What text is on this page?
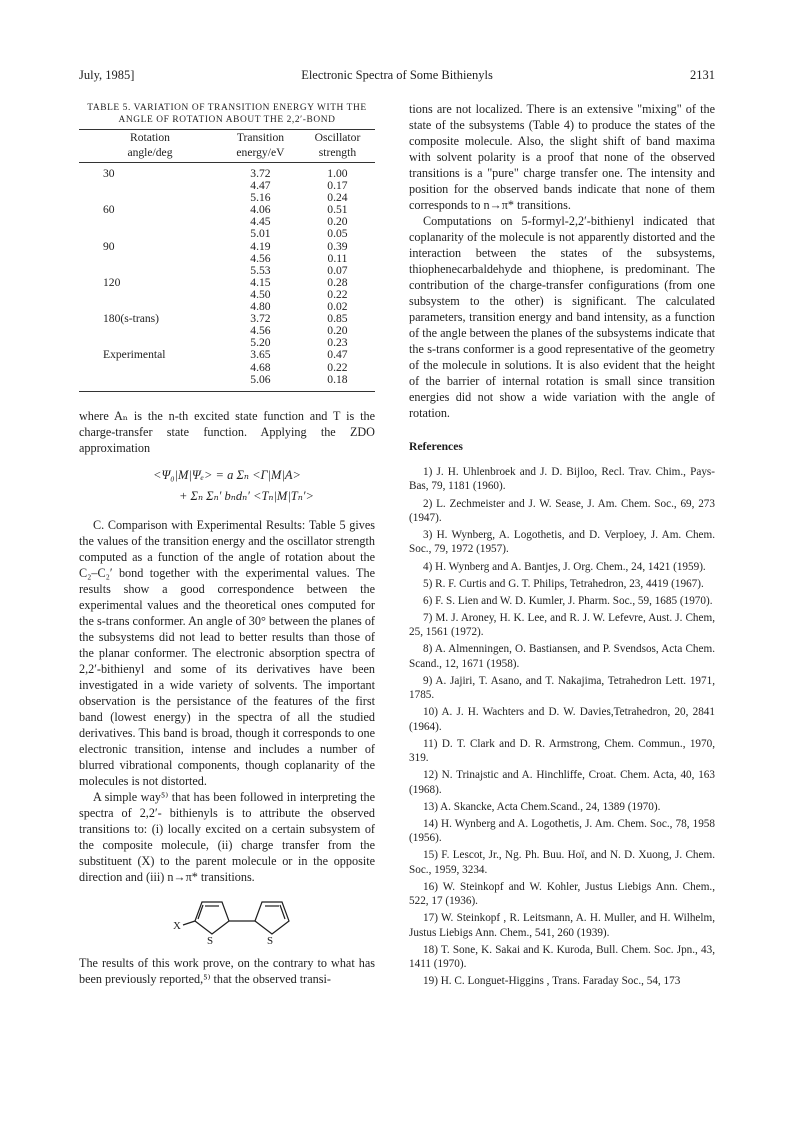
July, 1985]	Electronic Spectra of Some Bithienyls	2131
TABLE 5. VARIATION OF TRANSITION ENERGY WITH THE
ANGLE OF ROTATION ABOUT THE 2,2′-BOND
Rotation	Transition	Oscillator
angle/deg	energy/eV	strength
30	3.72	1.00
	4.47	0.17
	5.16	0.24
60	4.06	0.51
	4.45	0.20
	5.01	0.05
90	4.19	0.39
	4.56	0.11
	5.53	0.07
120	4.15	0.28
	4.50	0.22
	4.80	0.02
180(s-trans)	3.72	0.85
	4.56	0.20
	5.20	0.23
Experimental	3.65	0.47
	4.68	0.22
	5.06	0.18

where Aₙ is the n-th excited state function and T is the charge-transfer state function. Applying the ZDO approximation

<Ψ₀|M|Ψₑ> = a Σₙ <Γ|M|A>
+ Σₙ Σₙ′ bₙdₙ′ <Tₙ|M|Tₙ′>

C. Comparison with Experimental Results: Table 5 gives the values of the transition energy and the oscillator strength computed as a function of the angle of rotation about the C₂–C₂′ bond together with the experimental values. The results show a good correspondence between the experimental values and the theoretical ones computed for the s-trans conformer. An angle of 30° between the planes of the subsystems did not lead to better results than those of the planar conformer. The electronic absorption spectra of 2,2′-bithienyl and some of its derivatives have been investigated in a wide variety of solvents. The important observation is the persistance of the features of the first band (lowest energy) in the spectra of all the studied derivatives. This band is broad, though it corresponds to one electronic transition, intense and includes a number of blurred vibrational components, though coplanarity of the molecules is not distorted.

A simple way⁵⁾ that has been followed in interpreting the spectra of 2,2′- bithienyls is to attribute the observed transitions to: (i) locally excited on a certain subsystem of the composite molecule, (ii) charge transfer from the substituent (X) to the parent molecule or in the opposite direction and (iii) n→π* transitions.

X
S	S

The results of this work prove, on the contrary to what has been previously reported,⁵⁾ that the observed transi-

tions are not localized. There is an extensive "mixing" of the state of the subsystems (Table 4) to produce the states of the composite molecule. Also, the slight shift of band maxima with solvent polarity is a proof that none of the observed transitions is a "pure" charge transfer one. The intensity and position for the observed bands indicate that none of them corresponds to n→π* transitions.

Computations on 5-formyl-2,2′-bithienyl indicated that coplanarity of the molecule is not apparently distorted and the interaction between the states of the subsystems, thiophenecarbaldehyde and thiophene, is predominant. The contribution of the charge-transfer configurations (from one subsystem to the other) is significant. The calculated parameters, transition energy and band intensity, as a function of the angle between the planes of the subsystems indicate that the s-trans conformer is a good representative of the geometry of the molecule in solutions. It is also evident that the height of the barrier of internal rotation is small since transition energies did not show a wide variation with the angle of rotation.

References

1) J. H. Uhlenbroek and J. D. Bijloo, Recl. Trav. Chim., Pays-Bas, 79, 1181 (1960).

2) L. Zechmeister and J. W. Sease, J. Am. Chem. Soc., 69, 273 (1947).

3) H. Wynberg, A. Logothetis, and D. Verploey, J. Am. Chem. Soc., 79, 1972 (1957).

4) H. Wynberg and A. Bantjes, J. Org. Chem., 24, 1421 (1959).

5) R. F. Curtis and G. T. Philips, Tetrahedron, 23, 4419 (1967).

6) F. S. Lien and W. D. Kumler, J. Pharm. Soc., 59, 1685 (1970).

7) M. J. Aroney, H. K. Lee, and R. J. W. Lefevre, Aust. J. Chem, 25, 1561 (1972).

8) A. Almenningen, O. Bastiansen, and P. Svendsos, Acta Chem. Scand., 12, 1671 (1958).

9) A. Jajiri, T. Asano, and T. Nakajima, Tetrahedron Lett. 1971, 1785.

10) A. J. H. Wachters and D. W. Davies,Tetrahedron, 20, 2841 (1964).

11) D. T. Clark and D. R. Armstrong, Chem. Commun., 1970, 319.

12) N. Trinajstic and A. Hinchliffe, Croat. Chem. Acta, 40, 163 (1968).

13) A. Skancke, Acta Chem.Scand., 24, 1389 (1970).

14) H. Wynberg and A. Logothetis, J. Am. Chem. Soc., 78, 1958 (1956).

15) F. Lescot, Jr., Ng. Ph. Buu. Hoï, and N. D. Xuong, J. Chem. Soc., 1959, 3234.

16) W. Steinkopf and W. Kohler, Justus Liebigs Ann. Chem., 522, 17 (1936).

17) W. Steinkopf , R. Leitsmann, A. H. Muller, and H. Wilhelm, Justus Liebigs Ann. Chem., 541, 260 (1939).

18) T. Sone, K. Sakai and K. Kuroda, Bull. Chem. Soc. Jpn., 43, 1411 (1970).

19) H. C. Longuet-Higgins , Trans. Faraday Soc., 54, 173
